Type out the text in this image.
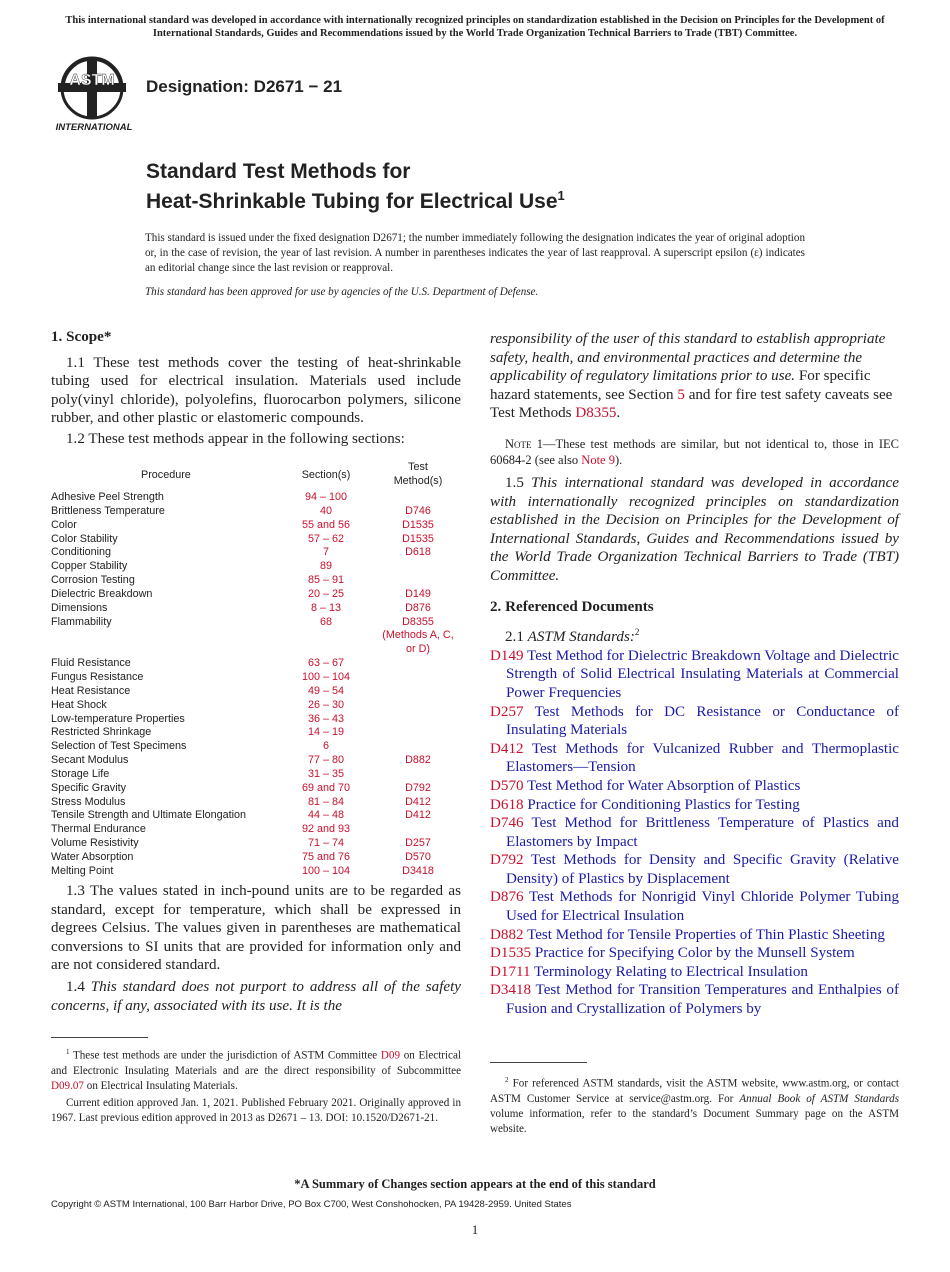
This international standard was developed in accordance with internationally recognized principles on standardization established in the Decision on Principles for the Development of International Standards, Guides and Recommendations issued by the World Trade Organization Technical Barriers to Trade (TBT) Committee.
ASTM
INTERNATIONAL
Designation: D2671 − 21
Standard Test Methods for
Heat-Shrinkable Tubing for Electrical Use$^1$
This standard is issued under the fixed designation D2671; the number immediately following the designation indicates the year of original adoption or, in the case of revision, the year of last revision. A number in parentheses indicates the year of last reapproval. A superscript epsilon (ε) indicates an editorial change since the last revision or reapproval.
This standard has been approved for use by agencies of the U.S. Department of Defense.
1. Scope*

1.1 These test methods cover the testing of heat-shrinkable tubing used for electrical insulation. Materials used include poly(vinyl chloride), polyolefins, fluorocarbon polymers, silicone rubber, and other plastic or elastomeric compounds.

1.2 These test methods appear in the following sections:

Procedure	Section(s)
Test
Method(s)
Adhesive Peel Strength	94 – 100
Brittleness Temperature	40	D746
Color	55 and 56	D1535
Color Stability	57 – 62	D1535
Conditioning	7	D618
Copper Stability	89
Corrosion Testing	85 – 91
Dielectric Breakdown	20 – 25	D149
Dimensions	8 – 13	D876
Flammability	68	D8355
(Methods A, C,
or D)
Fluid Resistance	63 – 67
Fungus Resistance	100 – 104
Heat Resistance	49 – 54
Heat Shock	26 – 30
Low-temperature Properties	36 – 43
Restricted Shrinkage	14 – 19
Selection of Test Specimens	6
Secant Modulus	77 – 80	D882
Storage Life	31 – 35
Specific Gravity	69 and 70	D792
Stress Modulus	81 – 84	D412
Tensile Strength and Ultimate Elongation	44 – 48	D412
Thermal Endurance	92 and 93
Volume Resistivity	71 – 74	D257
Water Absorption	75 and 76	D570
Melting Point	100 – 104	D3418

1.3 The values stated in inch-pound units are to be regarded as standard, except for temperature, which shall be expressed in degrees Celsius. The values given in parentheses are mathematical conversions to SI units that are provided for information only and are not considered standard.

1.4 This standard does not purport to address all of the safety concerns, if any, associated with its use. It is the

$^1$ These test methods are under the jurisdiction of ASTM Committee D09 on Electrical and Electronic Insulating Materials and are the direct responsibility of Subcommittee D09.07 on Electrical Insulating Materials.

Current edition approved Jan. 1, 2021. Published February 2021. Originally approved in 1967. Last previous edition approved in 2013 as D2671 – 13. DOI: 10.1520/D2671-21.

responsibility of the user of this standard to establish appropriate safety, health, and environmental practices and determine the applicability of regulatory limitations prior to use. For specific hazard statements, see Section 5 and for fire test safety caveats see Test Methods D8355.

Note 1—These test methods are similar, but not identical to, those in IEC 60684-2 (see also Note 9).

1.5 This international standard was developed in accordance with internationally recognized principles on standardization established in the Decision on Principles for the Development of International Standards, Guides and Recommendations issued by the World Trade Organization Technical Barriers to Trade (TBT) Committee.

2. Referenced Documents

2.1 ASTM Standards:$^2$

D149 Test Method for Dielectric Breakdown Voltage and Dielectric Strength of Solid Electrical Insulating Materials at Commercial Power Frequencies

D257 Test Methods for DC Resistance or Conductance of Insulating Materials

D412 Test Methods for Vulcanized Rubber and Thermoplastic Elastomers—Tension

D570 Test Method for Water Absorption of Plastics

D618 Practice for Conditioning Plastics for Testing

D746 Test Method for Brittleness Temperature of Plastics and Elastomers by Impact

D792 Test Methods for Density and Specific Gravity (Relative Density) of Plastics by Displacement

D876 Test Methods for Nonrigid Vinyl Chloride Polymer Tubing Used for Electrical Insulation

D882 Test Method for Tensile Properties of Thin Plastic Sheeting

D1535 Practice for Specifying Color by the Munsell System

D1711 Terminology Relating to Electrical Insulation

D3418 Test Method for Transition Temperatures and Enthalpies of Fusion and Crystallization of Polymers by

$^2$ For referenced ASTM standards, visit the ASTM website, www.astm.org, or contact ASTM Customer Service at service@astm.org. For Annual Book of ASTM Standards volume information, refer to the standard’s Document Summary page on the ASTM website.

*A Summary of Changes section appears at the end of this standard
Copyright © ASTM International, 100 Barr Harbor Drive, PO Box C700, West Conshohocken, PA 19428-2959. United States
1
